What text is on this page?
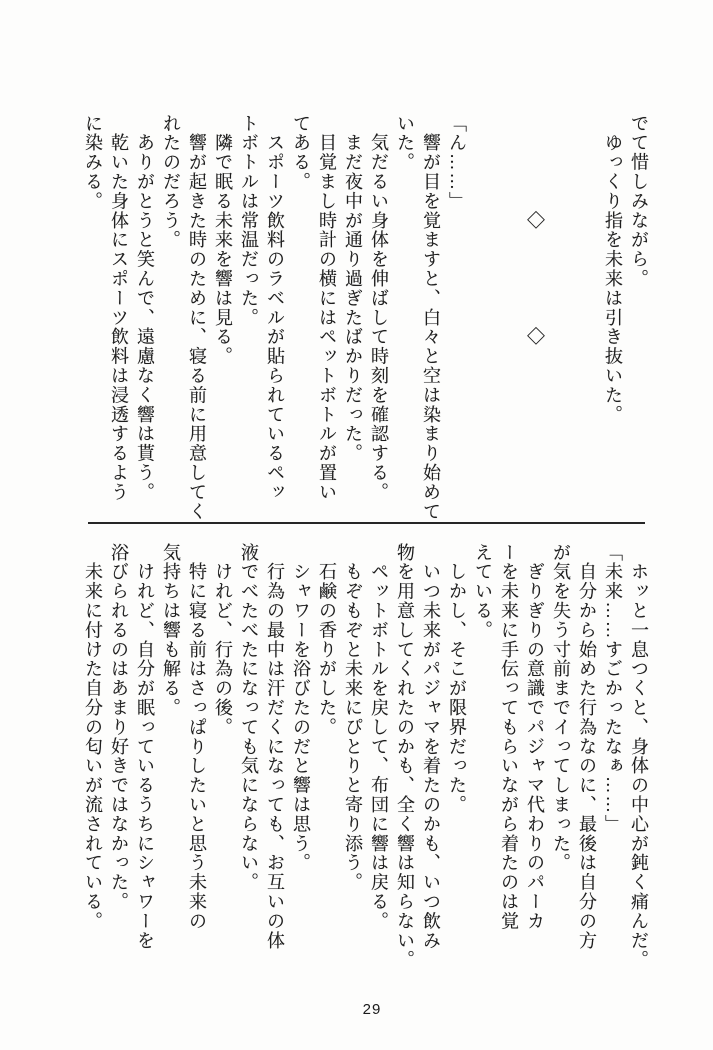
でて惜しみながら。

　ゆっくり指を未来は引き抜いた。

　　　　　◇　　　　　◇

「ん……」

　響が目を覚ますと、白々と空は染まり始めて

いた。

　気だるい身体を伸ばして時刻を確認する。

　まだ夜中が通り過ぎたばかりだった。

　目覚まし時計の横にはペットボトルが置い

てある。

　スポーツ飲料のラベルが貼られているペッ

トボトルは常温だった。

　隣で眠る未来を響は見る。

　響が起きた時のために、寝る前に用意してく

れたのだろう。

　ありがとうと笑んで、遠慮なく響は貰う。

　乾いた身体にスポーツ飲料は浸透するよう

に染みる。

　ホッと一息つくと、身体の中心が鈍く痛んだ。

「未来……すごかったなぁ……」

　自分から始めた行為なのに、最後は自分の方

が気を失う寸前までイってしまった。

　ぎりぎりの意識でパジャマ代わりのパーカ

ーを未来に手伝ってもらいながら着たのは覚

えている。

　しかし、そこが限界だった。

　いつ未来がパジャマを着たのかも、いつ飲み

物を用意してくれたのかも、全く響は知らない。

　ペットボトルを戻して、布団に響は戻る。

　もぞもぞと未来にぴとりと寄り添う。

　石鹸の香りがした。

　シャワーを浴びたのだと響は思う。

　行為の最中は汗だくになっても、お互いの体

液でべたべたになっても気にならない。

　けれど、行為の後。

　特に寝る前はさっぱりしたいと思う未来の

気持ちは響も解る。

　けれど、自分が眠っているうちにシャワーを

浴びられるのはあまり好きではなかった。

　未来に付けた自分の匂いが流されている。

29
